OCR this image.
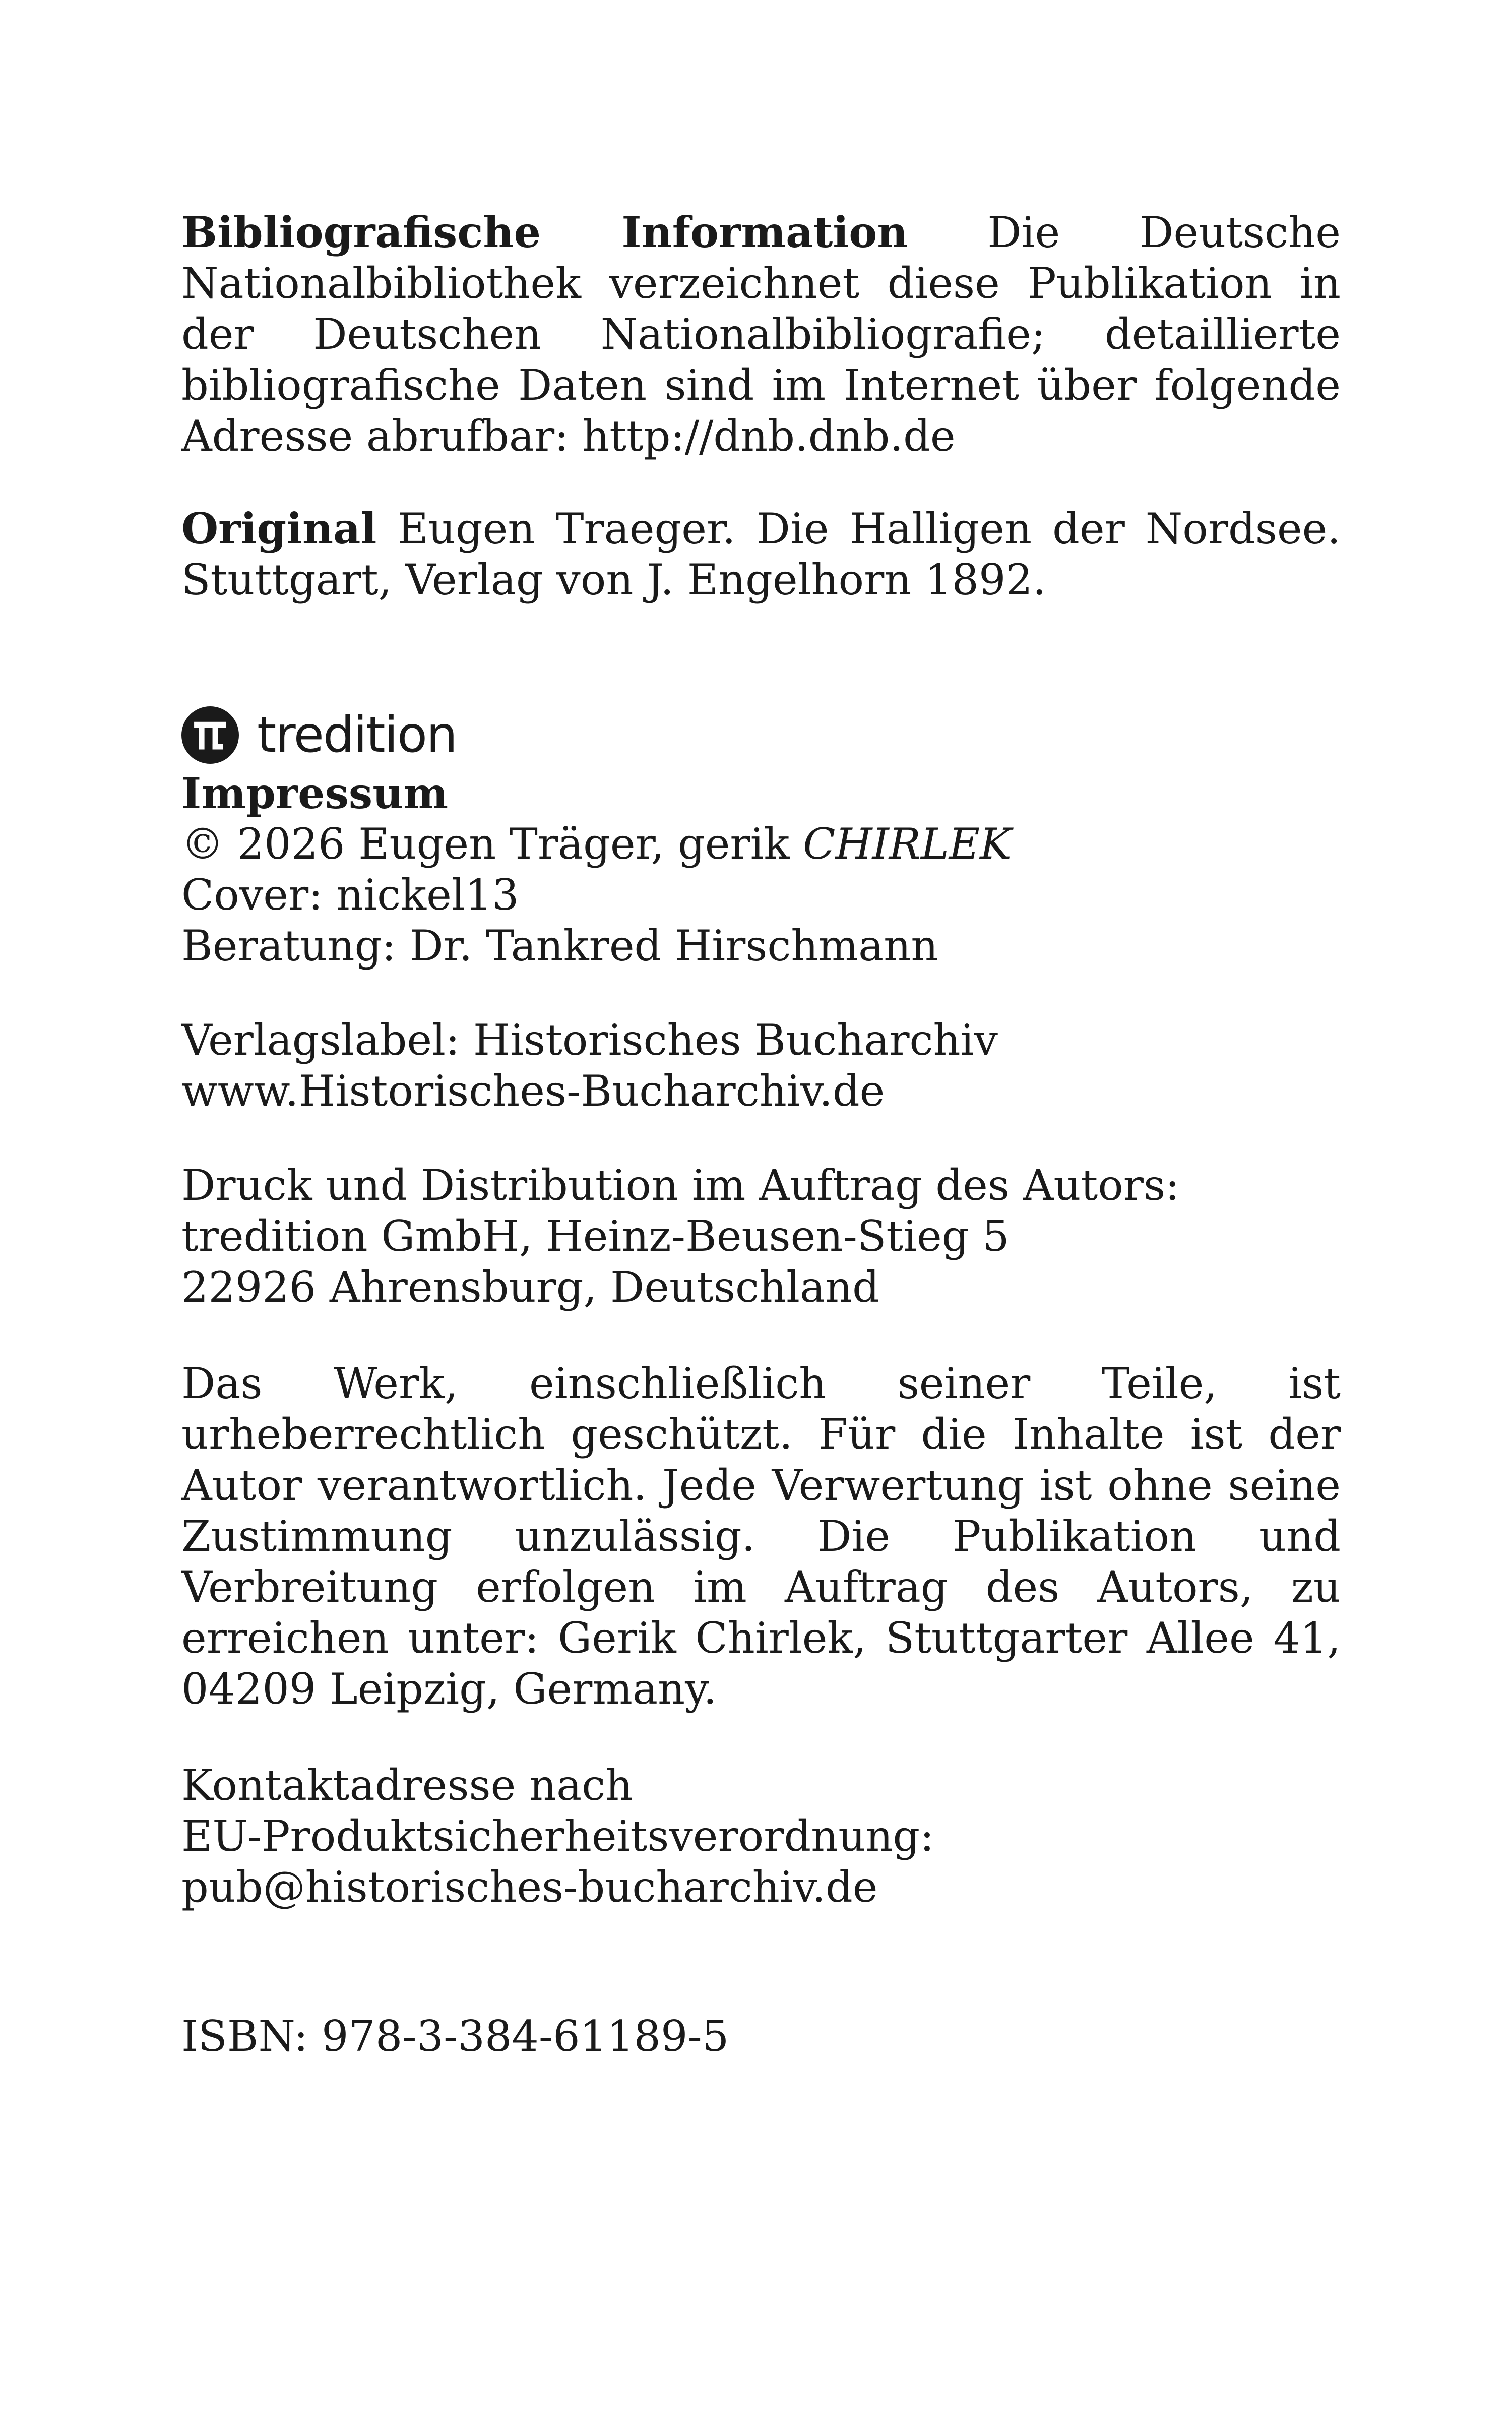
Bibliografische Information Die Deutsche Nationalbibliothek verzeichnet diese Publikation in der Deutschen Nationalbibliografie; detaillierte bibliografische Daten sind im Internet über folgende Adresse abrufbar: http://dnb.dnb.de

Original Eugen Traeger. Die Halligen der Nordsee. Stuttgart, Verlag von J. Engelhorn 1892.

tredition
Impressum
© 2026 Eugen Träger, gerik CHIRLEK
Cover: nickel13
Beratung: Dr. Tankred Hirschmann
Verlagslabel: Historisches Bucharchiv
www.Historisches-Bucharchiv.de
Druck und Distribution im Auftrag des Autors:
tredition GmbH, Heinz-Beusen-Stieg 5
22926 Ahrensburg, Deutschland

Das Werk, einschließlich seiner Teile, ist urheberrechtlich geschützt. Für die Inhalte ist der Autor verantwortlich. Jede Verwertung ist ohne seine Zustimmung unzulässig. Die Publikation und Verbreitung erfolgen im Auftrag des Autors, zu erreichen unter: Gerik Chirlek, Stuttgarter Allee 41, 04209 Leipzig, Germany.

Kontaktadresse nach
EU-Produktsicherheitsverordnung:
pub@historisches-bucharchiv.de
ISBN: 978-3-384-61189-5
